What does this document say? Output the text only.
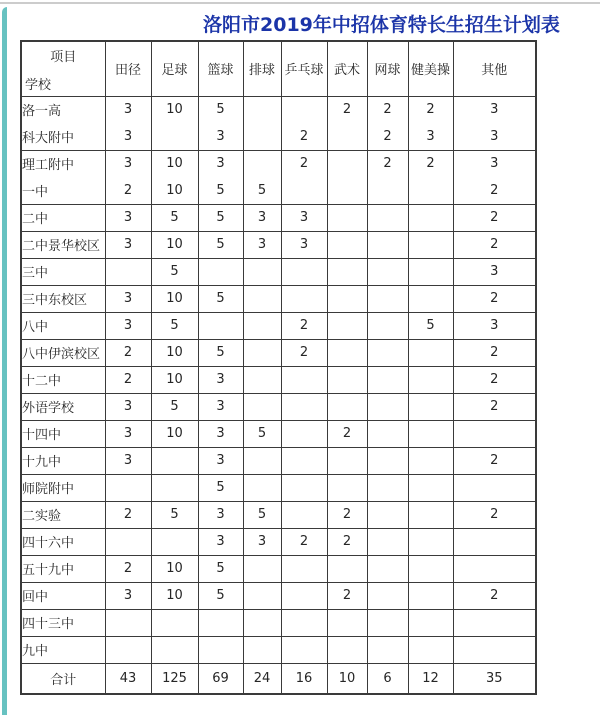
洛阳市2019年中招体育特长生招生计划表
项目
学校	田径	足球	篮球	排球	乒乓球	武术	网球	健美操	其他
洛一高	3	10	5			2	2	2	3
科大附中	3		3		2		2	3	3
理工附中	3	10	3		2		2	2	3
一中	2	10	5	5					2
二中	3	5	5	3	3				2
二中景华校区	3	10	5	3	3				2
三中		5							3
三中东校区	3	10	5						2
八中	3	5			2			5	3
八中伊滨校区	2	10	5		2				2
十二中	2	10	3						2
外语学校	3	5	3						2
十四中	3	10	3	5		2			
十九中	3		3						2
师院附中			5						
二实验	2	5	3	5		2			2
四十六中			3	3	2	2			
五十九中	2	10	5						
回中	3	10	5			2			2
四十三中									
九中									
合计	43	125	69	24	16	10	6	12	35
